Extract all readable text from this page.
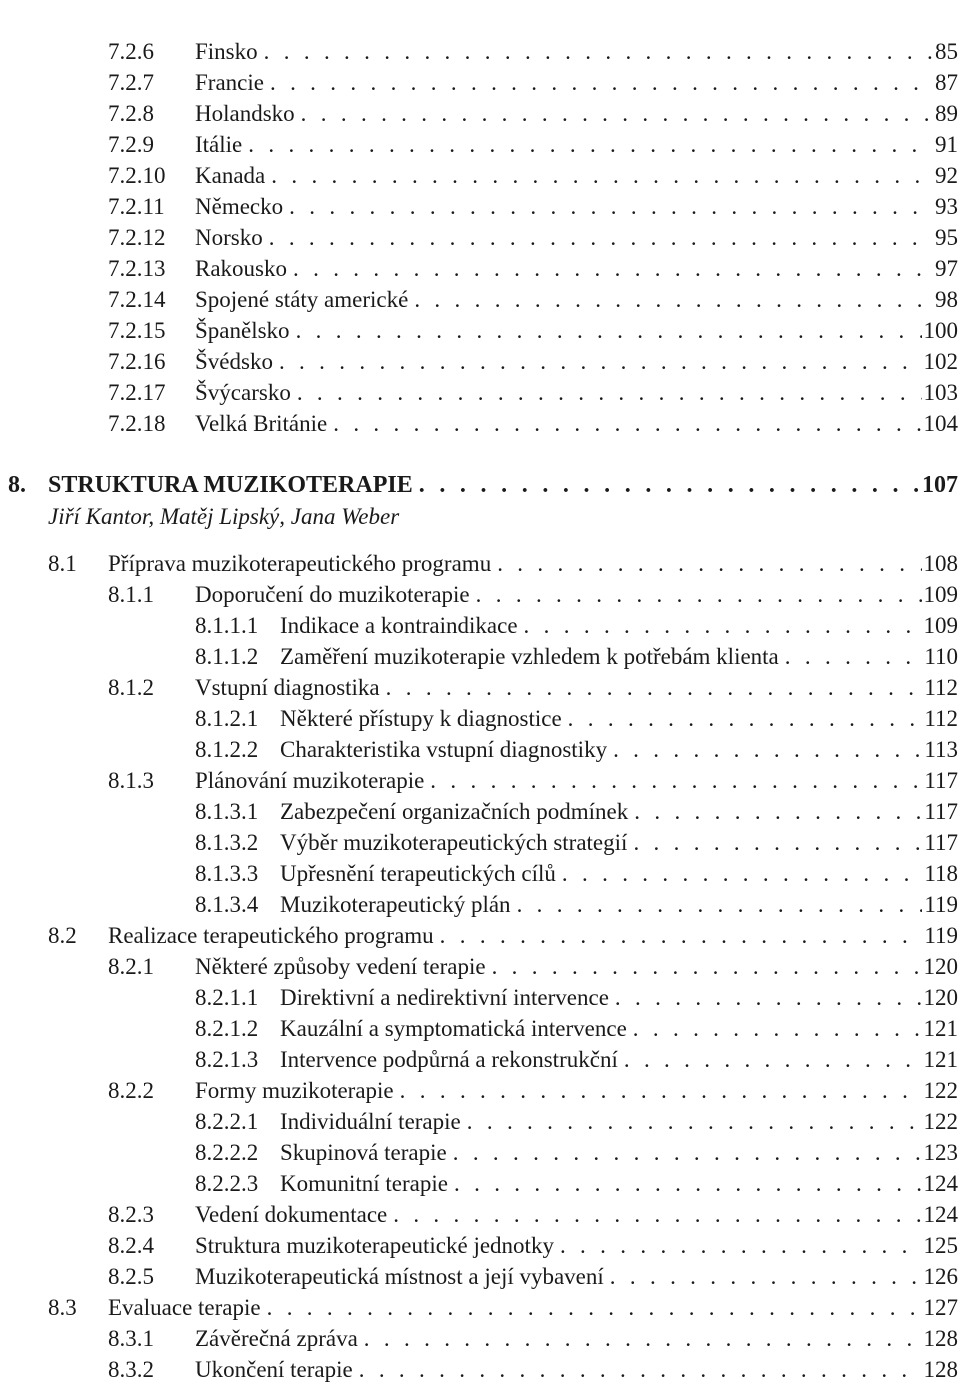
7.2.6 Finsko . . .	85
7.2.7 Francie . . .	87
7.2.8 Holandsko . . .	89
7.2.9 Itálie . . .	91
7.2.10 Kanada . . .	92
7.2.11 Německo . . .	93
7.2.12 Norsko . . .	95
7.2.13 Rakousko . . .	97
7.2.14 Spojené státy americké . . .	98
7.2.15 Španělsko . . .	100
7.2.16 Švédsko . . .	102
7.2.17 Švýcarsko . . .	103
7.2.18 Velká Británie . . .	104
8. STRUKTURA MUZIKOTERAPIE . . .	107
Jiří Kantor, Matěj Lipský, Jana Weber
8.1 Příprava muzikoterapeutického programu . . .	108
8.1.1 Doporučení do muzikoterapie . . .	109
8.1.1.1 Indikace a kontraindikace . . .	109
8.1.1.2 Zaměření muzikoterapie vzhledem k potřebám klienta . . .	110
8.1.2 Vstupní diagnostika . . .	112
8.1.2.1 Některé přístupy k diagnostice . . .	112
8.1.2.2 Charakteristika vstupní diagnostiky . . .	113
8.1.3 Plánování muzikoterapie . . .	117
8.1.3.1 Zabezpečení organizačních podmínek . . .	117
8.1.3.2 Výběr muzikoterapeutických strategií . . .	117
8.1.3.3 Upřesnění terapeutických cílů . . .	118
8.1.3.4 Muzikoterapeutický plán . . .	119
8.2 Realizace terapeutického programu . . .	119
8.2.1 Některé způsoby vedení terapie . . .	120
8.2.1.1 Direktivní a nedirektivní intervence . . .	120
8.2.1.2 Kauzální a symptomatická intervence . . .	121
8.2.1.3 Intervence podpůrná a rekonstrukční . . .	121
8.2.2 Formy muzikoterapie . . .	122
8.2.2.1 Individuální terapie . . .	122
8.2.2.2 Skupinová terapie . . .	123
8.2.2.3 Komunitní terapie . . .	124
8.2.3 Vedení dokumentace . . .	124
8.2.4 Struktura muzikoterapeutické jednotky . . .	125
8.2.5 Muzikoterapeutická místnost a její vybavení . . .	126
8.3 Evaluace terapie . . .	127
8.3.1 Závěrečná zpráva . . .	128
8.3.2 Ukončení terapie . . .	128
